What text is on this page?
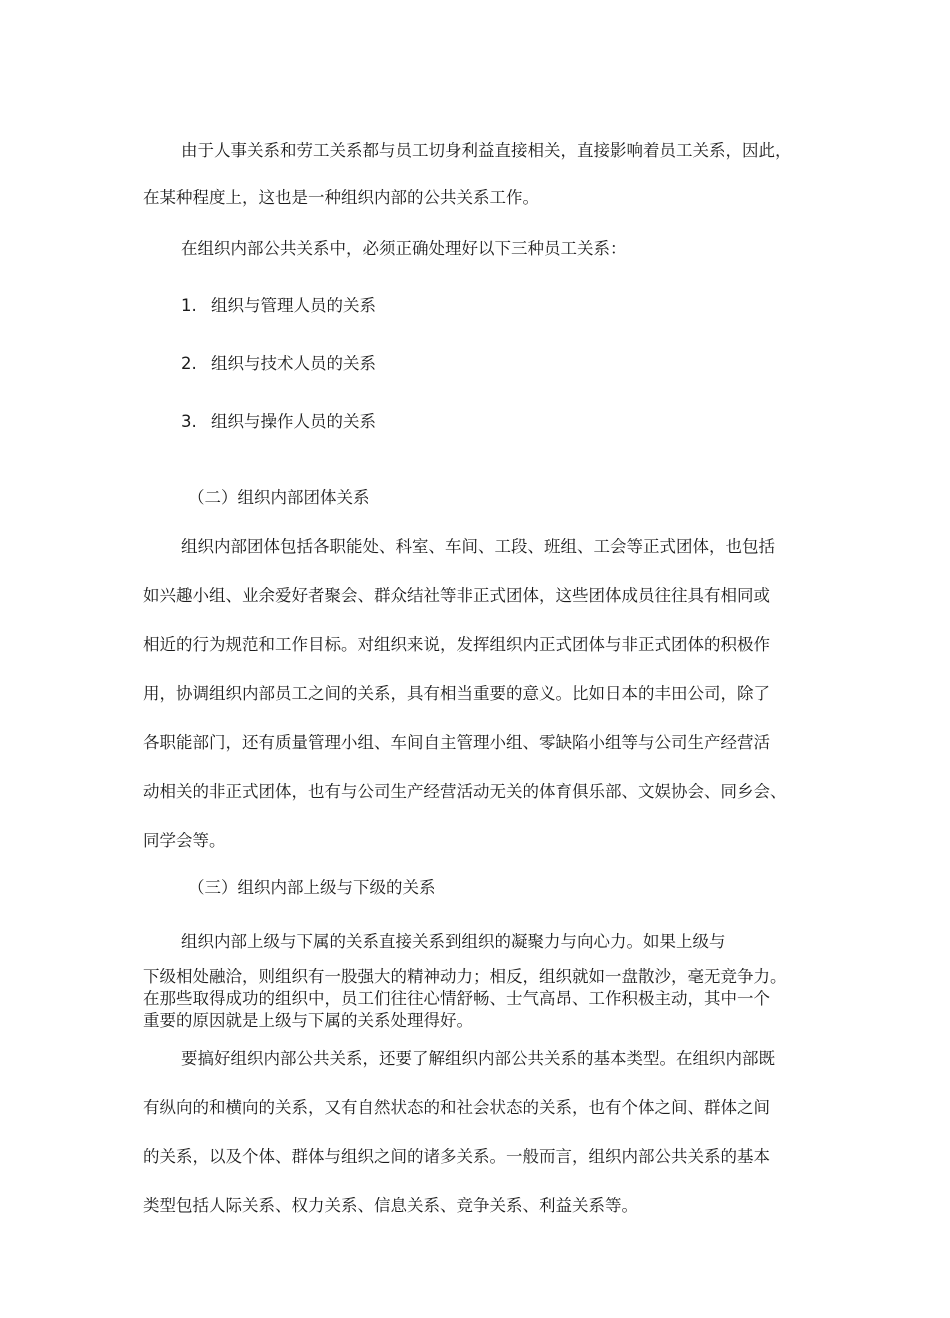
由于人事关系和劳工关系都与员工切身利益直接相关，直接影响着员工关系，因此，
在某种程度上，这也是一种组织内部的公共关系工作。
在组织内部公共关系中，必须正确处理好以下三种员工关系：
1. 组织与管理人员的关系
2. 组织与技术人员的关系
3. 组织与操作人员的关系
（二）组织内部团体关系
组织内部团体包括各职能处、科室、车间、工段、班组、工会等正式团体，也包括
如兴趣小组、业余爱好者聚会、群众结社等非正式团体，这些团体成员往往具有相同或
相近的行为规范和工作目标。对组织来说，发挥组织内正式团体与非正式团体的积极作
用，协调组织内部员工之间的关系，具有相当重要的意义。比如日本的丰田公司，除了
各职能部门，还有质量管理小组、车间自主管理小组、零缺陷小组等与公司生产经营活
动相关的非正式团体，也有与公司生产经营活动无关的体育俱乐部、文娱协会、同乡会、
同学会等。
（三）组织内部上级与下级的关系
组织内部上级与下属的关系直接关系到组织的凝聚力与向心力。如果上级与
下级相处融洽，则组织有一股强大的精神动力；相反，组织就如一盘散沙，毫无竞争力。
在那些取得成功的组织中，员工们往往心情舒畅、士气高昂、工作积极主动，其中一个
重要的原因就是上级与下属的关系处理得好。
要搞好组织内部公共关系，还要了解组织内部公共关系的基本类型。在组织内部既
有纵向的和横向的关系，又有自然状态的和社会状态的关系，也有个体之间、群体之间
的关系，以及个体、群体与组织之间的诸多关系。一般而言，组织内部公共关系的基本
类型包括人际关系、权力关系、信息关系、竞争关系、利益关系等。
